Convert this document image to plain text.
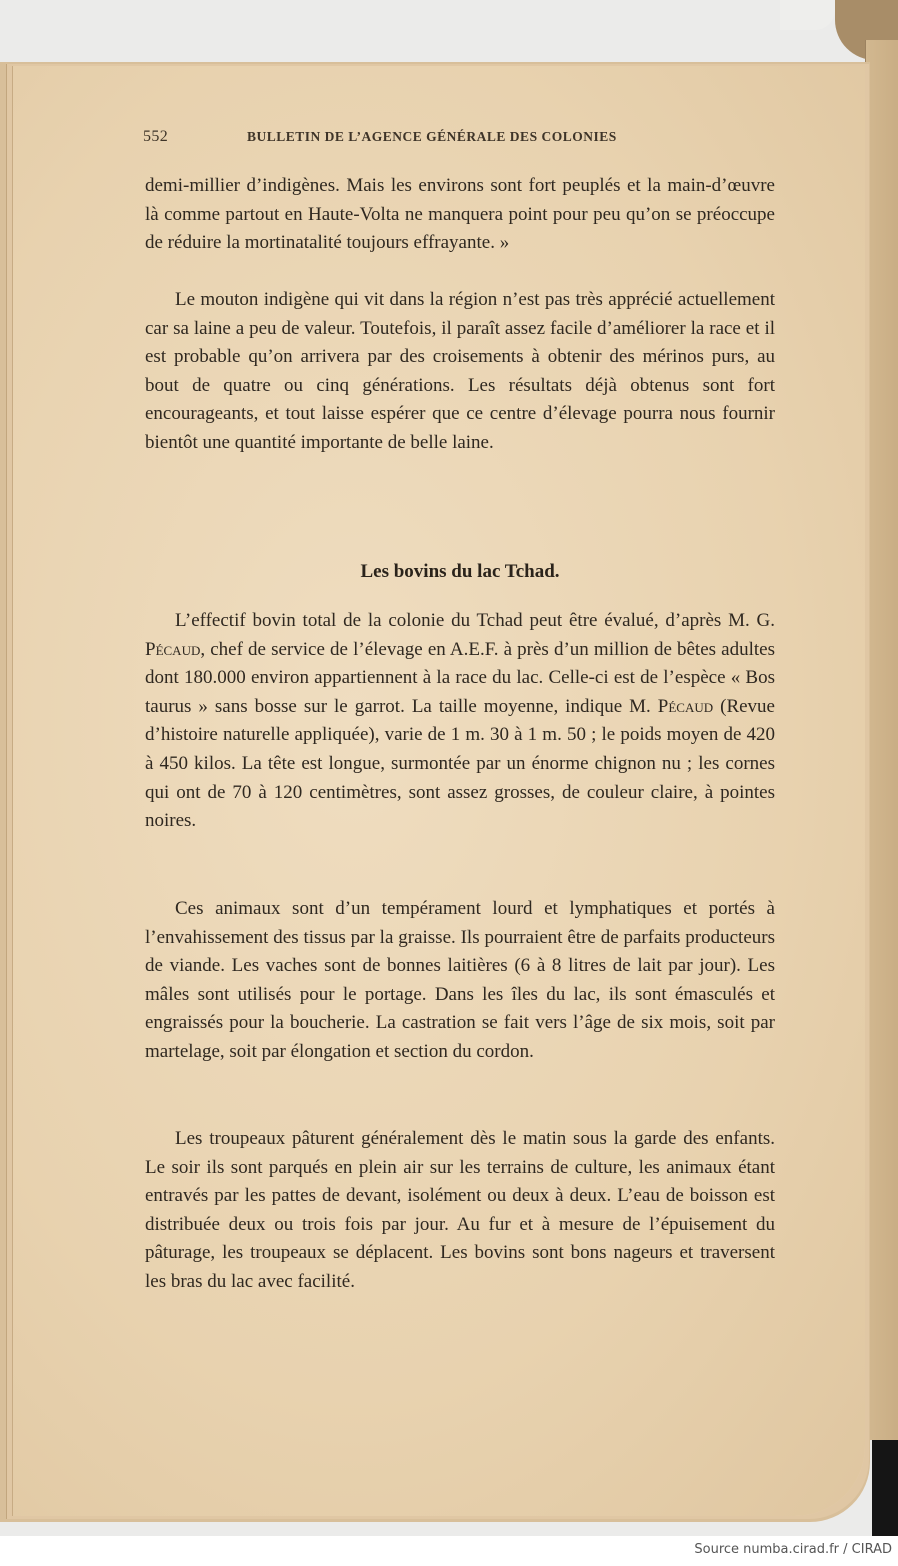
552	BULLETIN DE L’AGENCE GÉNÉRALE DES COLONIES

demi-millier d’indigènes. Mais les environs sont fort peuplés et la main-d’œuvre là comme partout en Haute-Volta ne manquera point pour peu qu’on se préoccupe de réduire la mortinatalité toujours effrayante. »

Le mouton indigène qui vit dans la région n’est pas très apprécié actuellement car sa laine a peu de valeur. Toutefois, il paraît assez facile d’améliorer la race et il est probable qu’on arrivera par des croisements à obtenir des mérinos purs, au bout de quatre ou cinq générations. Les résultats déjà obtenus sont fort encourageants, et tout laisse espérer que ce centre d’élevage pourra nous fournir bientôt une quantité importante de belle laine.

Les bovins du lac Tchad.

L’effectif bovin total de la colonie du Tchad peut être évalué, d’après M. G. Pécaud, chef de service de l’élevage en A.E.F. à près d’un million de bêtes adultes dont 180.000 environ appartiennent à la race du lac. Celle-ci est de l’espèce « Bos taurus » sans bosse sur le garrot. La taille moyenne, indique M. Pécaud (Revue d’histoire naturelle appliquée), varie de 1 m. 30 à 1 m. 50 ; le poids moyen de 420 à 450 kilos. La tête est longue, surmontée par un énorme chignon nu ; les cornes qui ont de 70 à 120 centimètres, sont assez grosses, de couleur claire, à pointes noires.

Ces animaux sont d’un tempérament lourd et lymphatiques et portés à l’envahissement des tissus par la graisse. Ils pourraient être de parfaits producteurs de viande. Les vaches sont de bonnes laitières (6 à 8 litres de lait par jour). Les mâles sont utilisés pour le portage. Dans les îles du lac, ils sont émasculés et engraissés pour la boucherie. La castration se fait vers l’âge de six mois, soit par martelage, soit par élongation et section du cordon.

Les troupeaux pâturent généralement dès le matin sous la garde des enfants. Le soir ils sont parqués en plein air sur les terrains de culture, les animaux étant entravés par les pattes de devant, isolément ou deux à deux. L’eau de boisson est distribuée deux ou trois fois par jour. Au fur et à mesure de l’épuisement du pâturage, les troupeaux se déplacent. Les bovins sont bons nageurs et traversent les bras du lac avec facilité.

Source numba.cirad.fr / CIRAD
